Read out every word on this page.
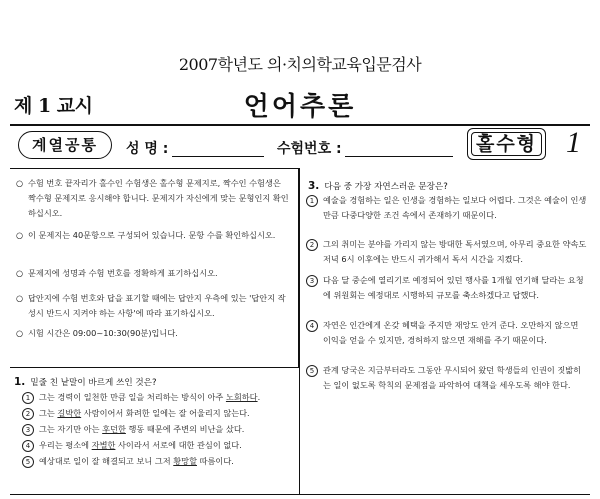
2007학년도 의·치의학교육입문검사
제 1 교시	언어추론
계열공통	성 명 :	수험번호 :	홀수형 1
○ 수험 번호 끝자리가 홀수인 수험생은 홀수형 문제지로, 짝수인 수험생은 짝수형 문제지로 응시해야 합니다. 문제지가 자신에게 맞는 문형인지 확인하십시오.
○ 이 문제지는 40문항으로 구성되어 있습니다. 문항 수를 확인하십시오.
○ 문제지에 성명과 수험 번호를 정확하게 표기하십시오.
○ 답안지에 수험 번호와 답을 표기할 때에는 답안지 우측에 있는 '답안지 작성시 반드시 지켜야 하는 사항'에 따라 표기하십시오.
○ 시험 시간은 09:00~10:30(90분)입니다.
1. 밑줄 친 낱말이 바르게 쓰인 것은?
1	그는 경력이 일천한 만큼 일을 처리하는 방식이 아주 노회하다.
2	그는 길박한 사람이어서 화려한 일에는 잘 어울리지 않는다.
3	그는 자기만 아는 후던한 행동 때문에 주변의 비난을 샀다.
4	우리는 평소에 자별한 사이라서 서로에 대한 관심이 없다.
5	예상대로 일이 잘 해결되고 보니 그저 황망할 따름이다.
3. 다음 중 가장 자연스러운 문장은?
1	예술을 경험하는 일은 인생을 경험하는 일보다 어렵다. 그것은 예술이 인생만큼 다중다양한 조건 속에서 존재하기 때문이다.
2	그의 취미는 분야를 가리지 않는 방대한 독서였으며, 아무리 중요한 약속도 저녁 6시 이후에는 반드시 귀가해서 독서 시간을 지켰다.
3	다음 달 중순에 열리기로 예정되어 있던 행사를 1개월 연기해 달라는 요청에 위원회는 예정대로 시행하되 규모를 축소하겠다고 답했다.
4	자연은 인간에게 온갖 혜택을 주지만 재앙도 안겨 준다. 오만하지 않으면 이익을 얻을 수 있지만, 경허하지 않으면 재해를 주기 때문이다.
5	관계 당국은 지금부터라도 그동안 무시되어 왔던 학생들의 인권이 짓밟히는 일이 없도록 학칙의 문제점을 파악하여 대책을 세우도록 해야 한다.
